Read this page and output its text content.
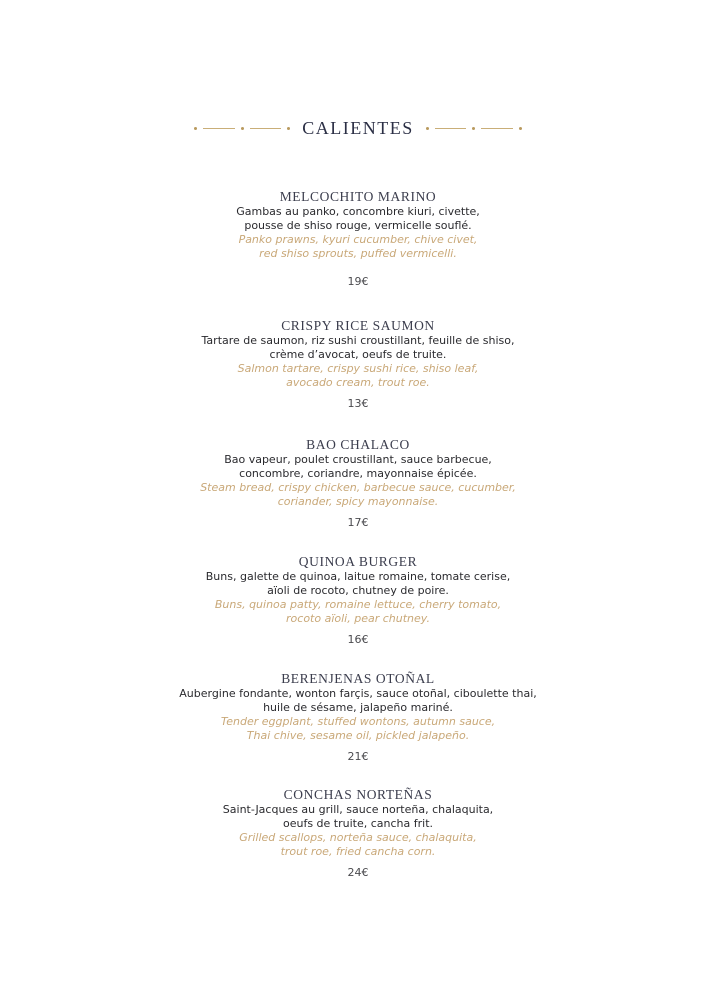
CALIENTES
MELCOCHITO MARINO
Gambas au panko, concombre kiuri, civette,
pousse de shiso rouge, vermicelle souflé.
Panko prawns, kyuri cucumber, chive civet,
red shiso sprouts, puffed vermicelli.
19€
CRISPY RICE SAUMON
Tartare de saumon, riz sushi croustillant, feuille de shiso,
crème d’avocat, oeufs de truite.
Salmon tartare, crispy sushi rice, shiso leaf,
avocado cream, trout roe.
13€
BAO CHALACO
Bao vapeur, poulet croustillant, sauce barbecue,
concombre, coriandre, mayonnaise épicée.
Steam bread, crispy chicken, barbecue sauce, cucumber,
coriander, spicy mayonnaise.
17€
QUINOA BURGER
Buns, galette de quinoa, laitue romaine, tomate cerise,
aïoli de rocoto, chutney de poire.
Buns, quinoa patty, romaine lettuce, cherry tomato,
rocoto aïoli, pear chutney.
16€
BERENJENAS OTOÑAL
Aubergine fondante, wonton farçis, sauce otoñal, ciboulette thai,
huile de sésame, jalapeño mariné.
Tender eggplant, stuffed wontons, autumn sauce,
Thai chive, sesame oil, pickled jalapeño.
21€
CONCHAS NORTEÑAS
Saint-Jacques au grill, sauce norteña, chalaquita,
oeufs de truite, cancha frit.
Grilled scallops, norteña sauce, chalaquita,
trout roe, fried cancha corn.
24€
